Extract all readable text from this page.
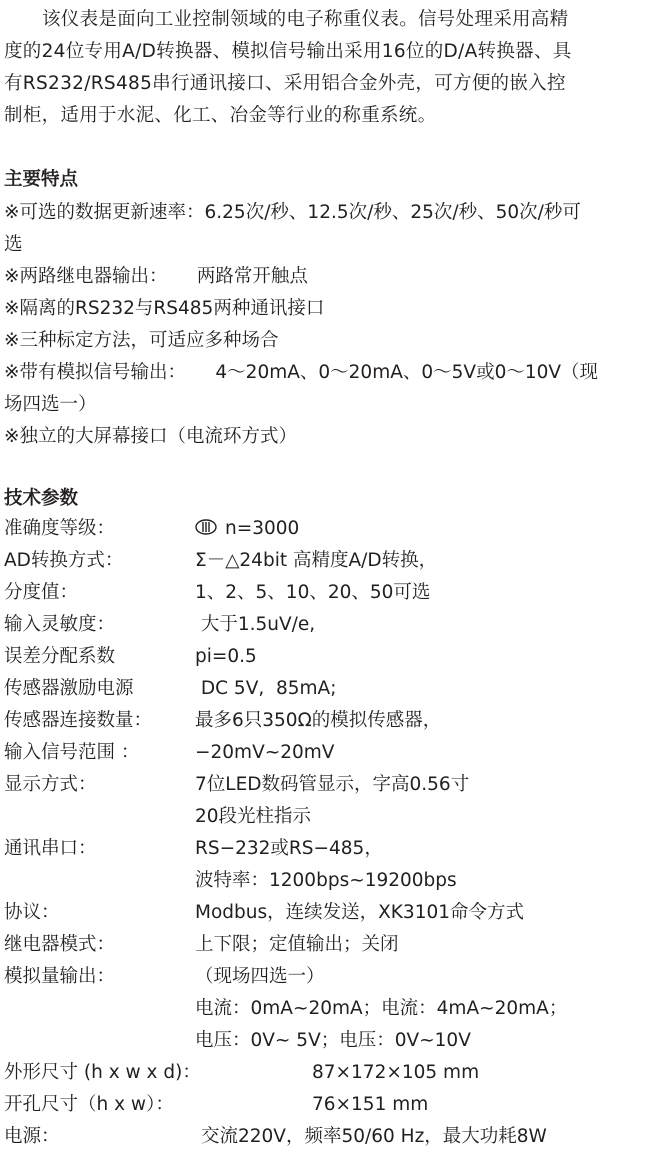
该仪表是面向工业控制领域的电子称重仪表。信号处理采用高精

度的24位专用A/D转换器、模拟信号输出采用16位的D/A转换器、具

有RS232/RS485串行通讯接口、采用铝合金外壳，可方便的嵌入控

制柜，适用于水泥、化工、冶金等行业的称重系统。

主要特点

※可选的数据更新速率：6.25次/秒、12.5次/秒、25次/秒、50次/秒可

选

※两路继电器输出：     两路常开触点

※隔离的RS232与RS485两种通讯接口

※三种标定方法，可适应多种场合

※带有模拟信号输出：     4～20mA、0～20mA、0～5V或0～10V（现

场四选一）

※独立的大屏幕接口（电流环方式）

技术参数
准确度等级：	n=3000
AD转换方式：	Σ－△24bit 高精度A/D转换，
分度值：	1、2、5、10、20、50可选
输入灵敏度：	大于1.5uV/e,
误差分配系数	pi=0.5
传感器激励电源	DC 5V,  85mA;
传感器连接数量： 最多6只350Ω的模拟传感器，
输入信号范围 ：	−20mV~20mV
显示方式：	7位LED数码管显示，字高0.56寸
20段光柱指示
通讯串口：	RS−232或RS−485，
波特率：1200bps~19200bps
协议：	Modbus，连续发送，XK3101命令方式
继电器模式：	上下限；定值输出；关闭
模拟量输出：	（现场四选一）
电流：0mA~20mA；电流：4mA~20mA；
电压：0V~ 5V；电压：0V~10V
外形尺寸 (h x w x d)：	87×172×105 mm
开孔尺寸（h x w）：	76×151 mm
电源：	交流220V，频率50/60 Hz，最大功耗8W
